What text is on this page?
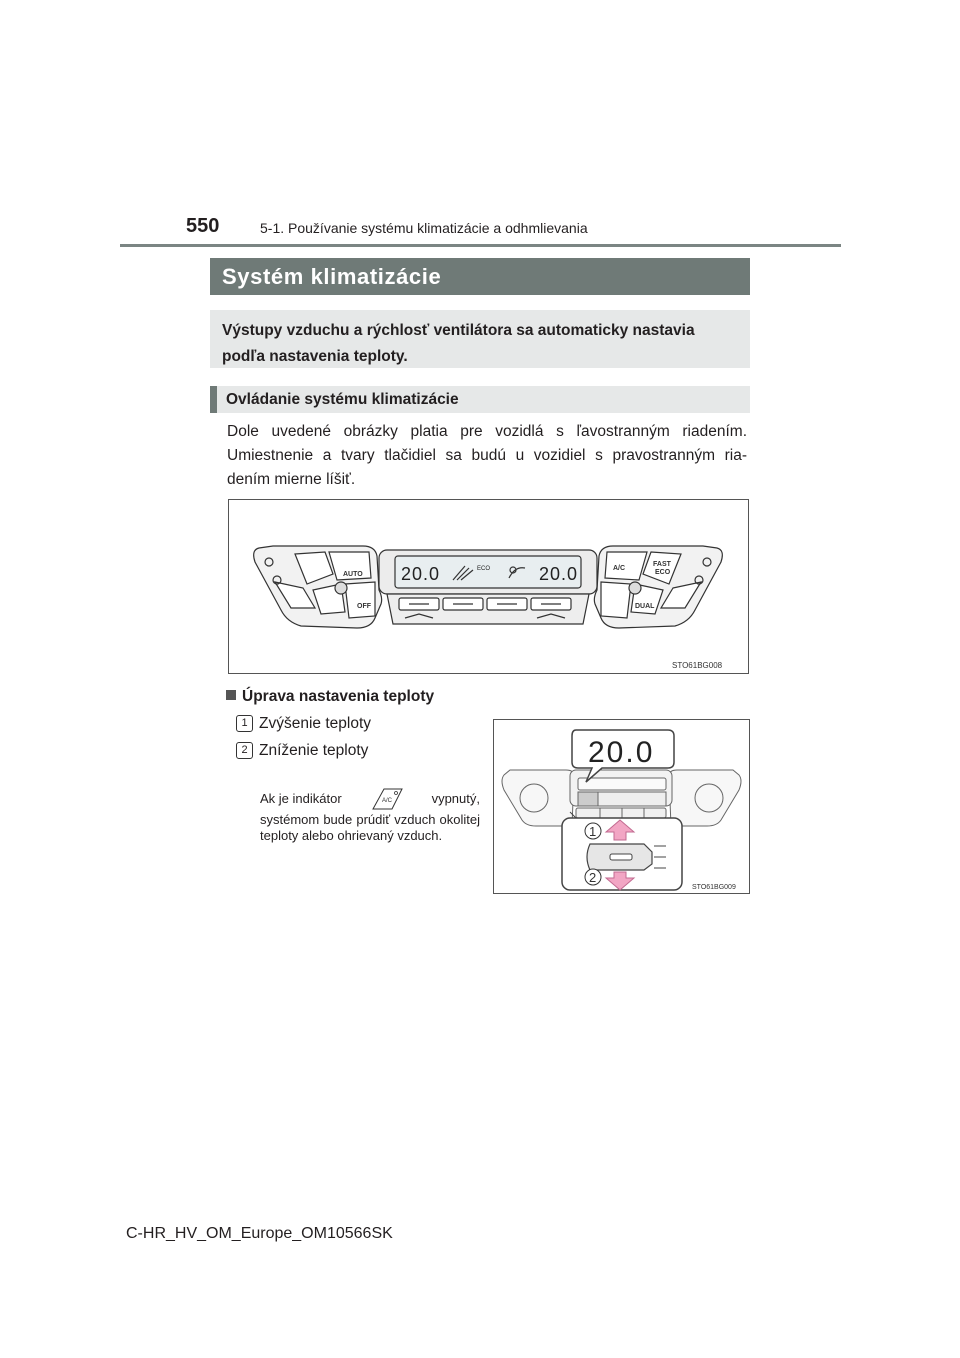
550	5-1. Používanie systému klimatizácie a odhmlievania
Systém klimatizácie
Výstupy vzduchu a rýchlosť ventilátora sa automaticky nastavia
podľa nastavenia teploty.
Ovládanie systému klimatizácie
Dole uvedené obrázky platia pre vozidlá s ľavostranným riadením.
Umiestnenie a tvary tlačidiel sa budú u vozidiel s pravostranným ria-
dením mierne líšiť.
AUTO
OFF
A/C
FAST
ECO
DUAL
20.0	20.0
ECO
STO61BG008
Úprava nastavenia teploty
1 Zvýšenie teploty
2 Zníženie teploty
Ak je indikátor	A/C	vypnutý,
systémom bude prúdiť vzduch okolitej teploty alebo ohrievaný vzduch.
20.0
1
2
STO61BG009
C-HR_HV_OM_Europe_OM10566SK
